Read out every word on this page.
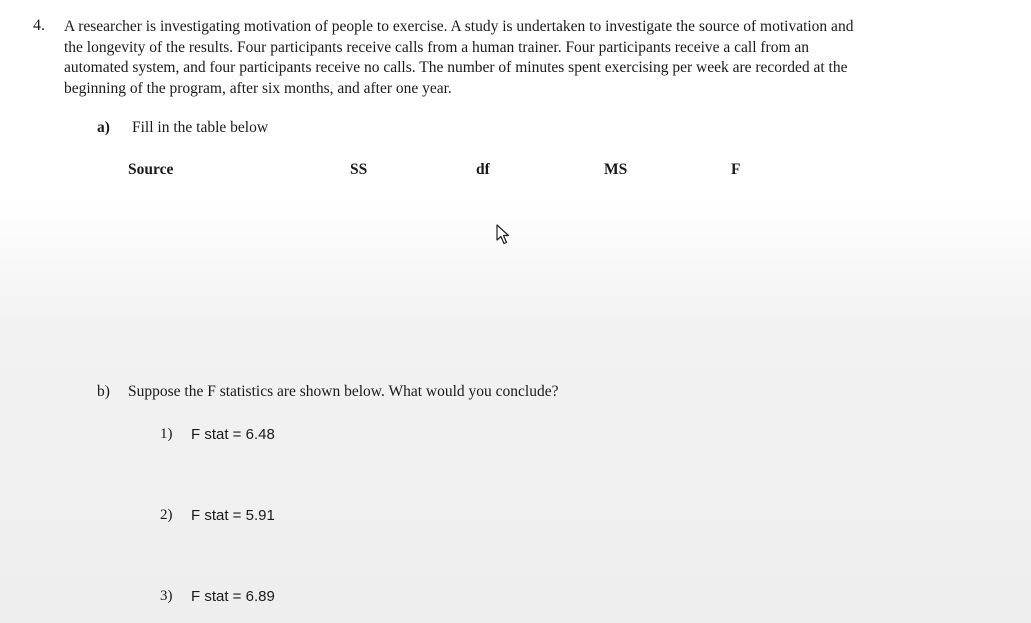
4. A researcher is investigating motivation of people to exercise. A study is undertaken to investigate the source of motivation and
the longevity of the results. Four participants receive calls from a human trainer. Four participants receive a call from an
automated system, and four participants receive no calls. The number of minutes spent exercising per week are recorded at the
beginning of the program, after six months, and after one year.
a) Fill in the table below
Source	SS	df	MS	F
b) Suppose the F statistics are shown below. What would you conclude?
1) F stat = 6.48
2) F stat = 5.91
3) F stat = 6.89
